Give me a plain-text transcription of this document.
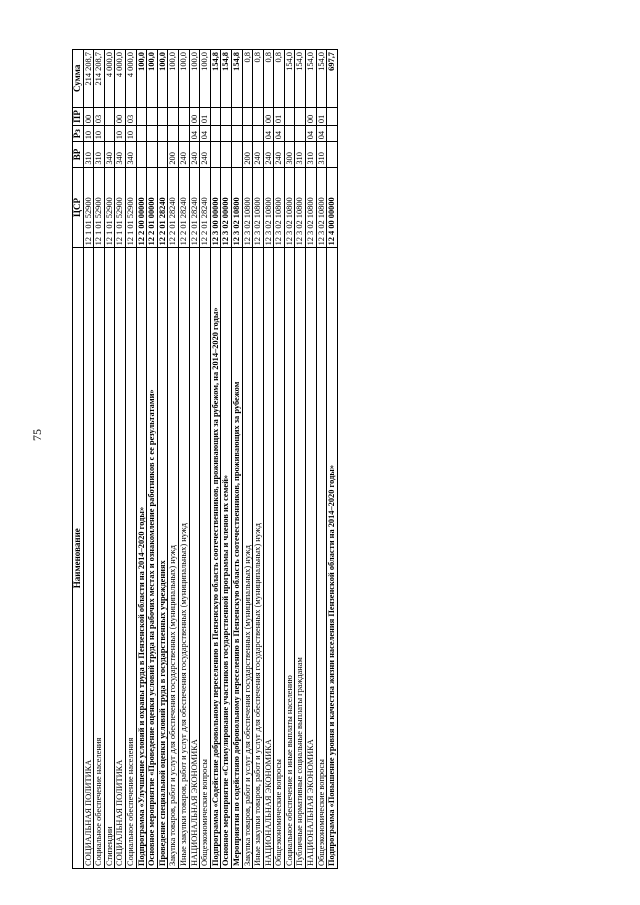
75
Наименование	ЦСР	ВР	Рз	ПР	Сумма
СОЦИАЛЬНАЯ ПОЛИТИКА	12 1 01 52900	310	10	00	214 208,7
Социальное обеспечение населения	12 1 01 52900	310	10	03	214 208,7
Стипендии	12 1 01 52900	340			4 000,0
СОЦИАЛЬНАЯ ПОЛИТИКА	12 1 01 52900	340	10	00	4 000,0
Социальное обеспечение населения	12 1 01 52900	340	10	03	4 000,0
Подпрограмма «Улучшение условий и охраны труда в Пензенской области на 2014–2020 годы»	12 2 00 00000				100,0
Основное мероприятие «Проведение оценки условий труда на рабочих местах и ознакомление работников с ее результатами»	12 2 01 00000				100,0
Проведение специальной оценки условий труда в государственных учреждениях	12 2 01 28240				100,0
Закупка товаров, работ и услуг для обеспечения государственных (муниципальных) нужд	12 2 01 28240	200			100,0
Иные закупки товаров, работ и услуг для обеспечения государственных (муниципальных) нужд	12 2 01 28240	240			100,0
НАЦИОНАЛЬНАЯ ЭКОНОМИКА	12 2 01 28240	240	04	00	100,0
Общеэкономические вопросы	12 2 01 28240	240	04	01	100,0
Подпрограмма «Содействие добровольному переселению в Пензенскую область соотечественников, проживающих за рубежом, на 2014–2020 годы»	12 3 00 00000				154,8
Основное мероприятие «Стимулирование участников государственной программы и членов их семей»	12 3 02 00000				154,8
Мероприятия по содействию добровольному переселению в Пензенскую область соотечественников, проживающих за рубежом	12 3 02 10800				154,8
Закупка товаров, работ и услуг для обеспечения государственных (муниципальных) нужд	12 3 02 10800	200			0,8
Иные закупки товаров, работ и услуг для обеспечения государственных (муниципальных) нужд	12 3 02 10800	240			0,8
НАЦИОНАЛЬНАЯ ЭКОНОМИКА	12 3 02 10800	240	04	00	0,8
Общеэкономические вопросы	12 3 02 10800	240	04	01	0,8
Социальное обеспечение и иные выплаты населению	12 3 02 10800	300			154,0
Публичные нормативные социальные выплаты гражданам	12 3 02 10800	310			154,0
НАЦИОНАЛЬНАЯ ЭКОНОМИКА	12 3 02 10800	310	04	00	154,0
Общеэкономические вопросы	12 3 02 10800	310	04	01	154,0
Подпрограмма «Повышение уровня и качества жизни населения Пензенской области на 2014–2020 годы»	12 4 00 00000				697,7
